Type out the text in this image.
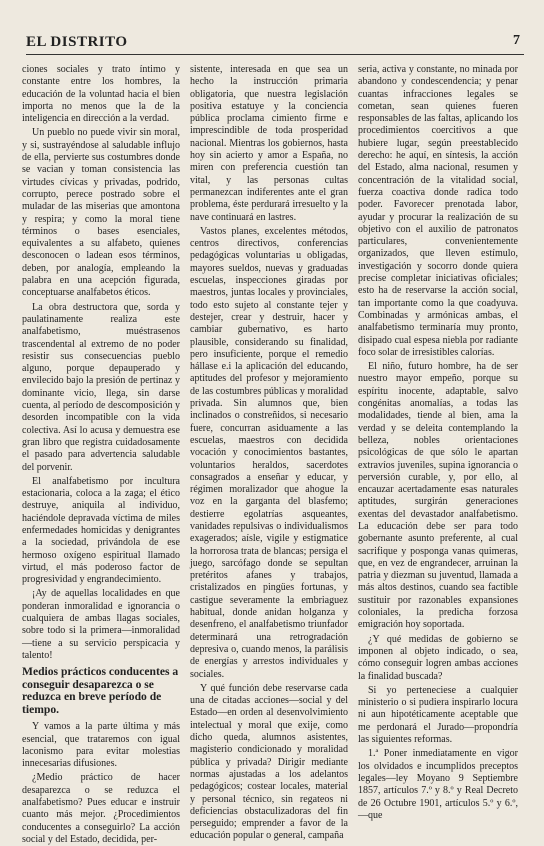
EL DISTRITO	7

ciones sociales y trato íntimo y constante entre los hombres, la educación de la voluntad hacia el bien importa no menos que la de la inteligencia en dirección a la verdad.

Un pueblo no puede vivir sin moral, y si, sustrayéndose al saludable influjo de ella, pervierte sus costumbres donde se vacian y toman consistencia las virtudes cívicas y privadas, podrido, corrupto, perece postrado sobre el muladar de las miserias que amontona y respira; y como la moral tiene términos o bases esenciales, equivalentes a su alfabeto, quienes desconocen o ladean esos términos, deben, por analogía, empleando la palabra en una acepción figurada, conceptuarse analfabetos éticos.

La obra destructora que, sorda y paulatinamente realiza este analfabetismo, muéstrasenos trascendental al extremo de no poder resistir sus consecuencias pueblo alguno, porque depauperado y envilecido bajo la presión de pertinaz y dominante vicio, llega, sin darse cuenta, al período de descomposición y desorden incompatible con la vida colectiva. Así lo acusa y demuestra ese gran libro que registra cuidadosamente el pasado para advertencia saludable del porvenir.

El analfabetismo por incultura estacionaria, coloca a la zaga; el ético destruye, aniquila al individuo, haciéndole depravada víctima de miles enfermedades homicidas y denigrantes a la sociedad, privándola de ese hermoso oxígeno espiritual llamado virtud, el más poderoso factor de progresividad y engrandecimiento.

¡Ay de aquellas localidades en que ponderan inmoralidad e ignorancia o cualquiera de ambas llagas sociales, sobre todo si la primera—inmoralidad—tiene a su servicio perspicacia y talento!

Medios prácticos conducentes a conseguir desaparezca o se reduzca en breve período de tiempo.

Y vamos a la parte última y más esencial, que trataremos con igual laconismo para evitar molestias innecesarias difusiones.

¿Medio práctico de hacer desaparezca o se reduzca el analfabetismo? Pues educar e instruir cuanto más mejor. ¿Procedimientos conducentes a conseguirlo? La acción social y del Estado, decidida, per-

sistente, interesada en que sea un hecho la instrucción primaria obligatoria, que nuestra legislación positiva estatuye y la conciencia pública proclama cimiento firme e imprescindible de toda prosperidad nacional. Mientras los gobiernos, hasta hoy sin acierto y amor a España, no miren con preferencia cuestión tan vital, y las personas cultas permanezcan indiferentes ante el gran problema, éste perdurará irresuelto y la nave continuará en lastres.

Vastos planes, excelentes métodos, centros directivos, conferencias pedagógicas voluntarias u obligadas, mayores sueldos, nuevas y graduadas escuelas, inspecciones giradas por maestros, juntas locales y provinciales, todo esto sujeto al constante tejer y destejer, crear y destruir, hacer y cambiar gubernativo, es harto plausible, considerando su finalidad, pero insuficiente, porque el remedio hállase e.i la aplicación del educando, aptitudes del profesor y mejoramiento de las costumbres públicas y moralidad privada. Sin alumnos que, bien inclinados o constreñidos, si necesario fuere, concurran asiduamente a las escuelas, maestros con decidida vocación y conocimientos bastantes, voluntarios heraldos, sacerdotes consagrados a enseñar y educar, y régimen moralizador que ahogue la voz en la garganta del blasfemo; destierre egolatrías asqueantes, vanidades repulsivas o individualismos exagerados; aísle, vigile y estigmatice la horrorosa trata de blancas; persiga el juego, sarcófago donde se sepultan pretéritos afanes y trabajos, cristalizados en pingües fortunas, y castigue severamente la embriaguez habitual, donde anidan holganza y desenfreno, el analfabetismo triunfador determinará una retrogradación depresiva o, cuando menos, la parálisis de energías y arrestos individuales y sociales.

Y qué función debe reservarse cada una de citadas acciones—social y del Estado—en orden al desenvolvimiento intelectual y moral que exije, como dicho queda, alumnos asistentes, magisterio condicionado y moralidad pública y privada? Dirigir mediante normas ajustadas a los adelantos pedagógicos; costear locales, material y personal técnico, sin regateos ni deficiencias obstaculizadoras del fin perseguido; emprender a favor de la educación popular o general, campaña

seria, activa y constante, no minada por abandono y condescendencia; y penar cuantas infracciones legales se cometan, sean quienes fueren responsables de las faltas, aplicando los procedimientos coercitivos a que hubiere lugar, según preestablecido derecho: he aquí, en síntesis, la acción del Estado, alma nacional, resumen y concentración de la vitalidad social, fuerza coactiva donde radica todo poder. Favorecer prenotada labor, ayudar y procurar la realización de su objetivo con el auxilio de patronatos particulares, convenientemente organizados, que lleven estímulo, investigación y socorro donde quiera precise completar iniciativas oficiales; esto ha de reservarse la acción social, tan importante como la que coadyuva. Combinadas y armónicas ambas, el analfabetismo terminaría muy pronto, disipado cual espesa niebla por radiante foco solar de irresistibles calorías.

El niño, futuro hombre, ha de ser nuestro mayor empeño, porque su espíritu inocente, adaptable, salvo congénitas anomalías, a todas las modalidades, tiende al bien, ama la verdad y se deleita contemplando la belleza, nobles orientaciones psicológicas de que sólo le apartan extravíos juveniles, supina ignorancia o perversión curable, y, por ello, al encauzar acertadamente esas naturales aptitudes, surgirán generaciones exentas del devastador analfabetismo. La educación debe ser para todo gobernante asunto preferente, al cual sacrifique y posponga vanas quimeras, que, en vez de engrandecer, arruinan la patria y diezman su juventud, llamada a más altos destinos, cuando sea factible sustituir por razonables expansiones coloniales, la predicha forzosa emigración hoy soportada.

¿Y qué medidas de gobierno se imponen al objeto indicado, o sea, cómo conseguir logren ambas acciones la finalidad buscada?

Si yo perteneciese a cualquier ministerio o si pudiera inspirarlo locura ni aun hipotéticamente aceptable que me perdonará el Jurado—propondría las siguientes reformas.

1.ª Poner inmediatamente en vigor los olvidados e incumplidos preceptos legales—ley Moyano 9 Septiembre 1857, artículos 7.º y 8.º y Real Decreto de 26 Octubre 1901, artículos 5.º y 6.º,—que
